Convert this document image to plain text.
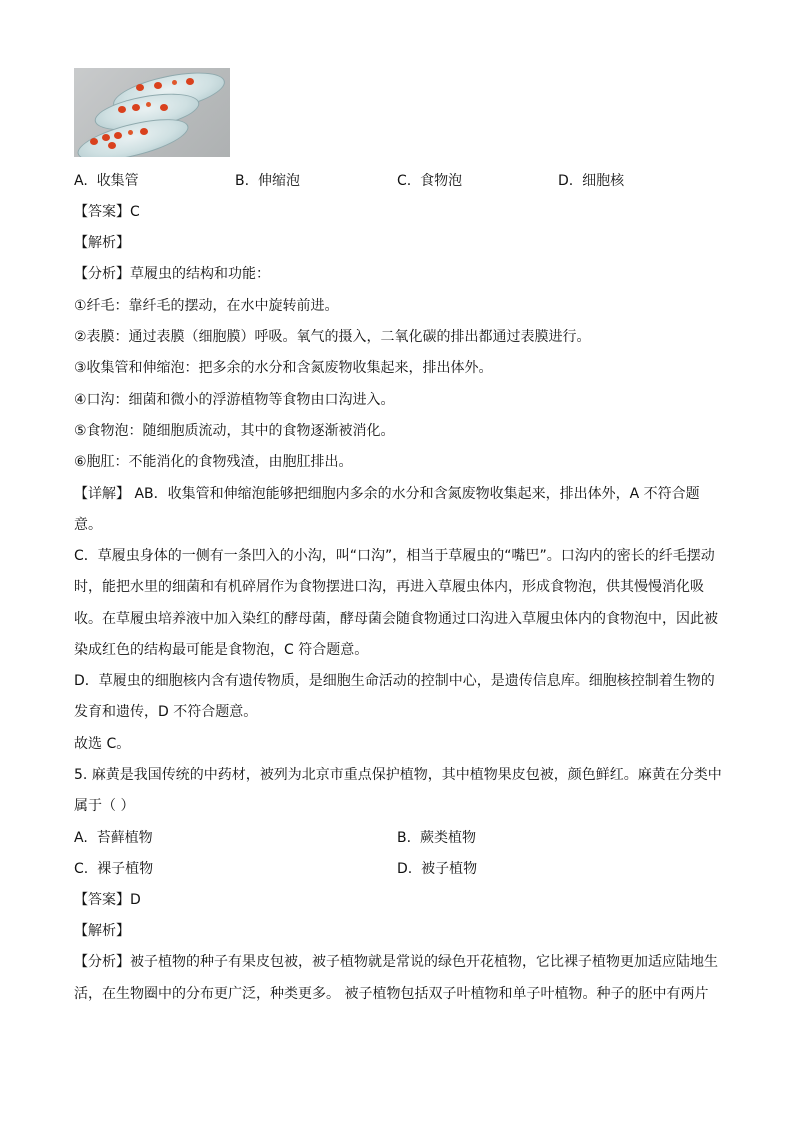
A. 收集管	B. 伸缩泡	C. 食物泡	D. 细胞核
【答案】C
【解析】
【分析】草履虫的结构和功能：
①纤毛：靠纤毛的摆动，在水中旋转前进。
②表膜：通过表膜（细胞膜）呼吸。氧气的摄入，二氧化碳的排出都通过表膜进行。
③收集管和伸缩泡：把多余的水分和含氮废物收集起来，排出体外。
④口沟：细菌和微小的浮游植物等食物由口沟进入。
⑤食物泡：随细胞质流动，其中的食物逐渐被消化。
⑥胞肛：不能消化的食物残渣，由胞肛排出。
【详解】 AB．收集管和伸缩泡能够把细胞内多余的水分和含氮废物收集起来，排出体外，A 不符合题
意。
C．草履虫身体的一侧有一条凹入的小沟，叫“口沟”，相当于草履虫的“嘴巴”。口沟内的密长的纤毛摆动
时，能把水里的细菌和有机碎屑作为食物摆进口沟，再进入草履虫体内，形成食物泡，供其慢慢消化吸
收。在草履虫培养液中加入染红的酵母菌，酵母菌会随食物通过口沟进入草履虫体内的食物泡中，因此被
染成红色的结构最可能是食物泡，C 符合题意。
D．草履虫的细胞核内含有遗传物质，是细胞生命活动的控制中心，是遗传信息库。细胞核控制着生物的
发育和遗传，D 不符合题意。
故选 C。
5. 麻黄是我国传统的中药材，被列为北京市重点保护植物，其中植物果皮包被，颜色鲜红。麻黄在分类中
属于（ ）
A. 苔藓植物	B. 蕨类植物
C. 裸子植物	D. 被子植物
【答案】D
【解析】
【分析】被子植物的种子有果皮包被，被子植物就是常说的绿色开花植物，它比裸子植物更加适应陆地生
活，在生物圈中的分布更广泛，种类更多。 被子植物包括双子叶植物和单子叶植物。种子的胚中有两片
